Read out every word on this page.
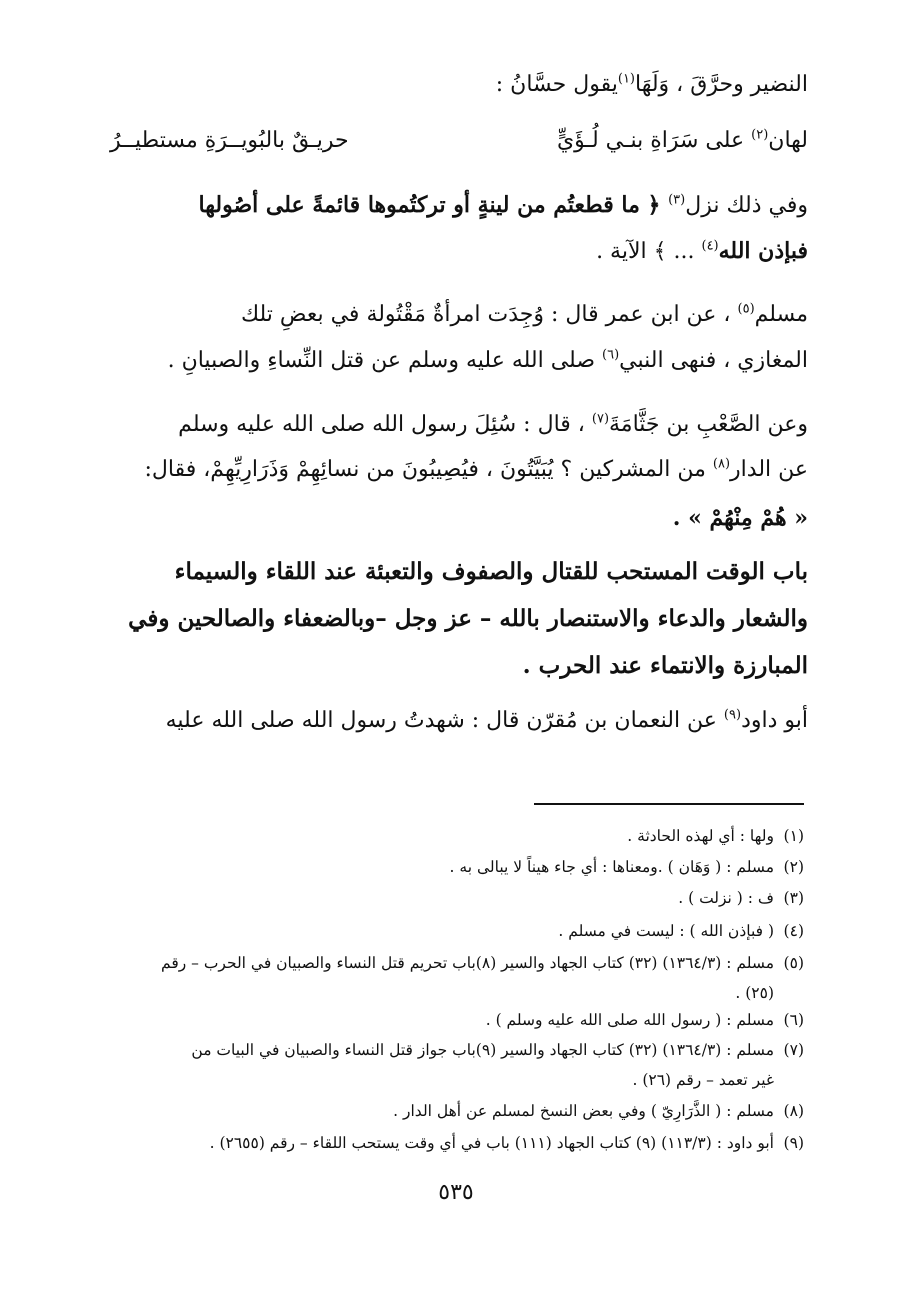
النضير وحرَّقَ ، وَلَهَا$^{(١)}$يقول حسَّانُ :
لهان$^{(٢)}$ على سَرَاةِ بنـي لُـؤَيٍّ
حريـقٌ بالبُويــرَةِ مستطيــرُ
وفي ذلك نزل$^{(٣)}$ ﴿ ما قطعتُم من لينةٍ أو تركتُموها قائمةً على أصُولها
فبإذن الله$^{(٤)}$ ... ﴾ الآية .
مسلم$^{(٥)}$ ، عن ابن عمر قال : وُجِدَت امرأةٌ مَقْتُولة في بعضِ تلك
المغازي ، فنهى النبي$^{(٦)}$ صلى الله عليه وسلم عن قتل النِّساءِ والصبيانِ .
وعن الصَّعْبِ بن جَثَّامَةَ$^{(٧)}$ ، قال : سُئِلَ رسول الله صلى الله عليه وسلم
عن الدار$^{(٨)}$ من المشركين ؟ يُبَيَّتُونَ ، فيُصِيبُونَ من نسائِهِمْ وَذَرَارِيِّهِمْ، فقال:
« هُمْ مِنْهُمْ » .
باب الوقت المستحب للقتال والصفوف والتعبئة عند اللقاء والسيماء
والشعار والدعاء والاستنصار بالله – عز وجل –وبالضعفاء والصالحين وفي
المبارزة والانتماء عند الحرب .
أبو داود$^{(٩)}$ عن النعمان بن مُقرّن قال : شهدتُ رسول الله صلى الله عليه
(١)ولها : أي لهذه الحادثة .
(٢)مسلم : ( وَهَان ) .ومعناها : أي جاء هيناً لا يبالى به .
(٣)ف : ( نزلت ) .
(٤)( فبإذن الله ) : ليست في مسلم .
(٥)مسلم : (١٣٦٤/٣) (٣٢) كتاب الجهاد والسير (٨)باب تحريم قتل النساء والصبيان في الحرب – رقم
(٢٥) .
(٦)مسلم : ( رسول الله صلى الله عليه وسلم ) .
(٧)مسلم : (١٣٦٤/٣) (٣٢) كتاب الجهاد والسير (٩)باب جواز قتل النساء والصبيان في البيات من
غير تعمد – رقم (٢٦) .
(٨)مسلم : ( الذَّرَارِيّ ) وفي بعض النسخ لمسلم عن أهل الدار .
(٩)أبو داود : (١١٣/٣) (٩) كتاب الجهاد (١١١) باب في أي وقت يستحب اللقاء – رقم (٢٦٥٥) .
٥٣٥
